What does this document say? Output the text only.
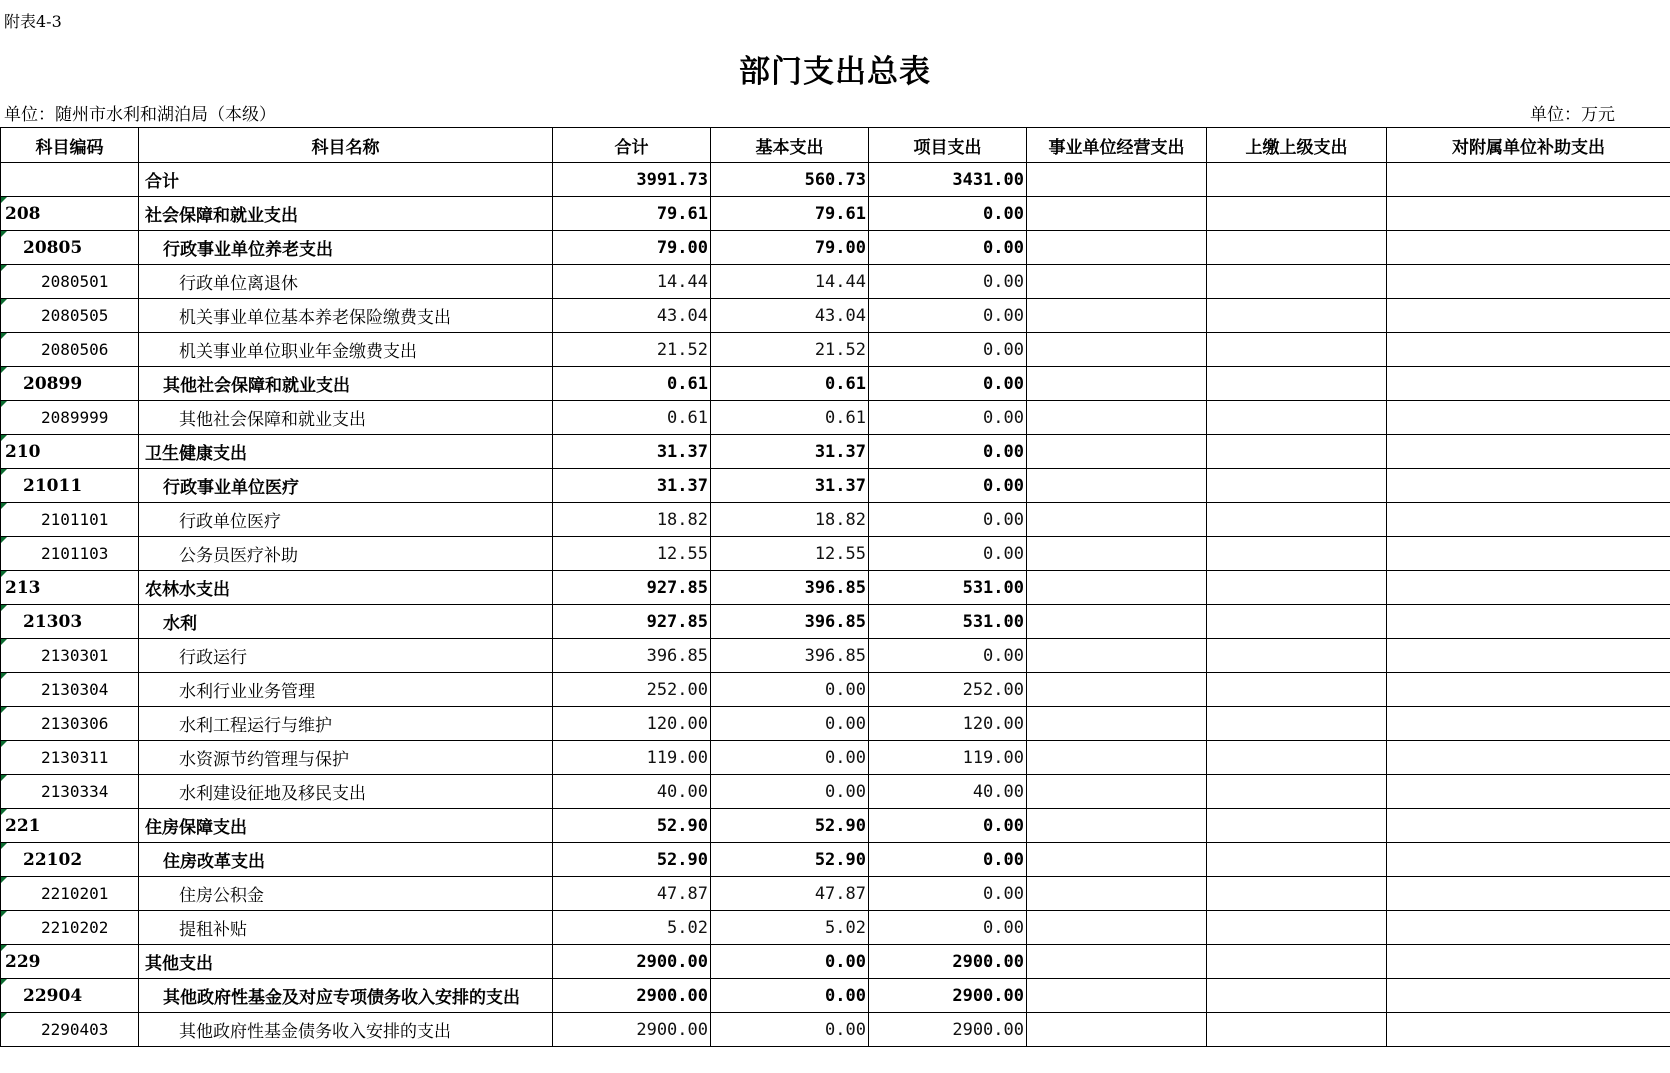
附表4-3
部门支出总表
单位：随州市水利和湖泊局（本级）	单位：万元
科目编码	科目名称	合计	基本支出	项目支出	事业单位经营支出	上缴上级支出	对附属单位补助支出
	合计	3991.73	560.73	3431.00			
208	社会保障和就业支出	79.61	79.61	0.00			
20805	行政事业单位养老支出	79.00	79.00	0.00			
2080501	行政单位离退休	14.44	14.44	0.00			
2080505	机关事业单位基本养老保险缴费支出	43.04	43.04	0.00			
2080506	机关事业单位职业年金缴费支出	21.52	21.52	0.00			
20899	其他社会保障和就业支出	0.61	0.61	0.00			
2089999	其他社会保障和就业支出	0.61	0.61	0.00			
210	卫生健康支出	31.37	31.37	0.00			
21011	行政事业单位医疗	31.37	31.37	0.00			
2101101	行政单位医疗	18.82	18.82	0.00			
2101103	公务员医疗补助	12.55	12.55	0.00			
213	农林水支出	927.85	396.85	531.00			
21303	水利	927.85	396.85	531.00			
2130301	行政运行	396.85	396.85	0.00			
2130304	水利行业业务管理	252.00	0.00	252.00			
2130306	水利工程运行与维护	120.00	0.00	120.00			
2130311	水资源节约管理与保护	119.00	0.00	119.00			
2130334	水利建设征地及移民支出	40.00	0.00	40.00			
221	住房保障支出	52.90	52.90	0.00			
22102	住房改革支出	52.90	52.90	0.00			
2210201	住房公积金	47.87	47.87	0.00			
2210202	提租补贴	5.02	5.02	0.00			
229	其他支出	2900.00	0.00	2900.00			
22904	其他政府性基金及对应专项债务收入安排的支出	2900.00	0.00	2900.00			
2290403	其他政府性基金债务收入安排的支出	2900.00	0.00	2900.00			
